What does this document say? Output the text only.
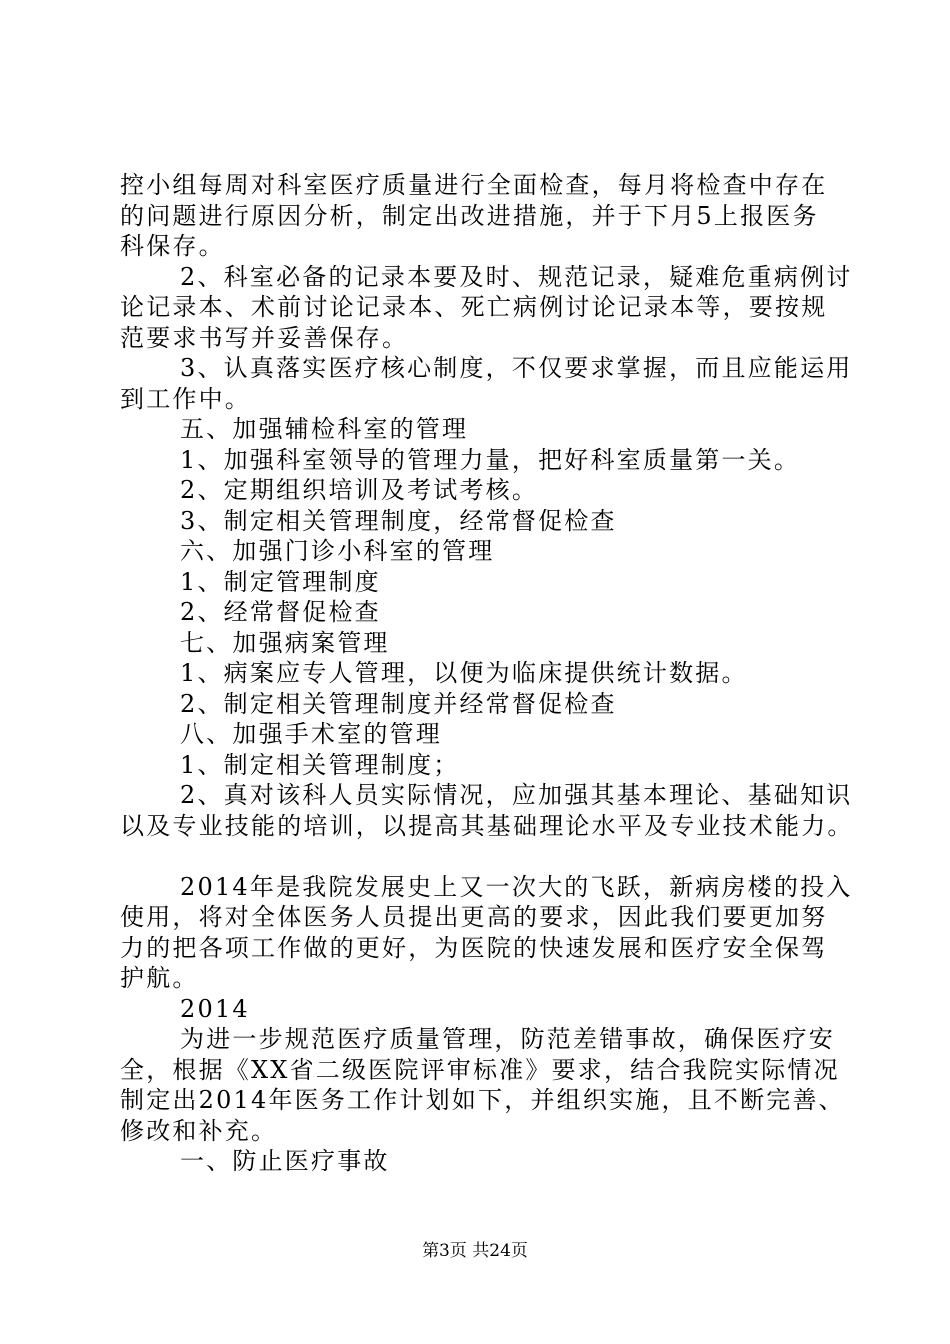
控小组每周对科室医疗质量进行全面检查，每月将检查中存在
的问题进行原因分析，制定出改进措施，并于下月5上报医务
科保存。
2、科室必备的记录本要及时、规范记录，疑难危重病例讨
论记录本、术前讨论记录本、死亡病例讨论记录本等，要按规
范要求书写并妥善保存。
3、认真落实医疗核心制度，不仅要求掌握，而且应能运用
到工作中。
五、加强辅检科室的管理
1、加强科室领导的管理力量，把好科室质量第一关。
2、定期组织培训及考试考核。
3、制定相关管理制度，经常督促检查
六、加强门诊小科室的管理
1、制定管理制度
2、经常督促检查
七、加强病案管理
1、病案应专人管理，以便为临床提供统计数据。
2、制定相关管理制度并经常督促检查
八、加强手术室的管理
1、制定相关管理制度；
2、真对该科人员实际情况，应加强其基本理论、基础知识
以及专业技能的培训，以提高其基础理论水平及专业技术能力。
2014年是我院发展史上又一次大的飞跃，新病房楼的投入
使用，将对全体医务人员提出更高的要求，因此我们要更加努
力的把各项工作做的更好，为医院的快速发展和医疗安全保驾
护航。
2014
为进一步规范医疗质量管理，防范差错事故，确保医疗安
全，根据《XX省二级医院评审标准》要求，结合我院实际情况
制定出2014年医务工作计划如下，并组织实施，且不断完善、
修改和补充。
一、防止医疗事故
第3页 共24页
